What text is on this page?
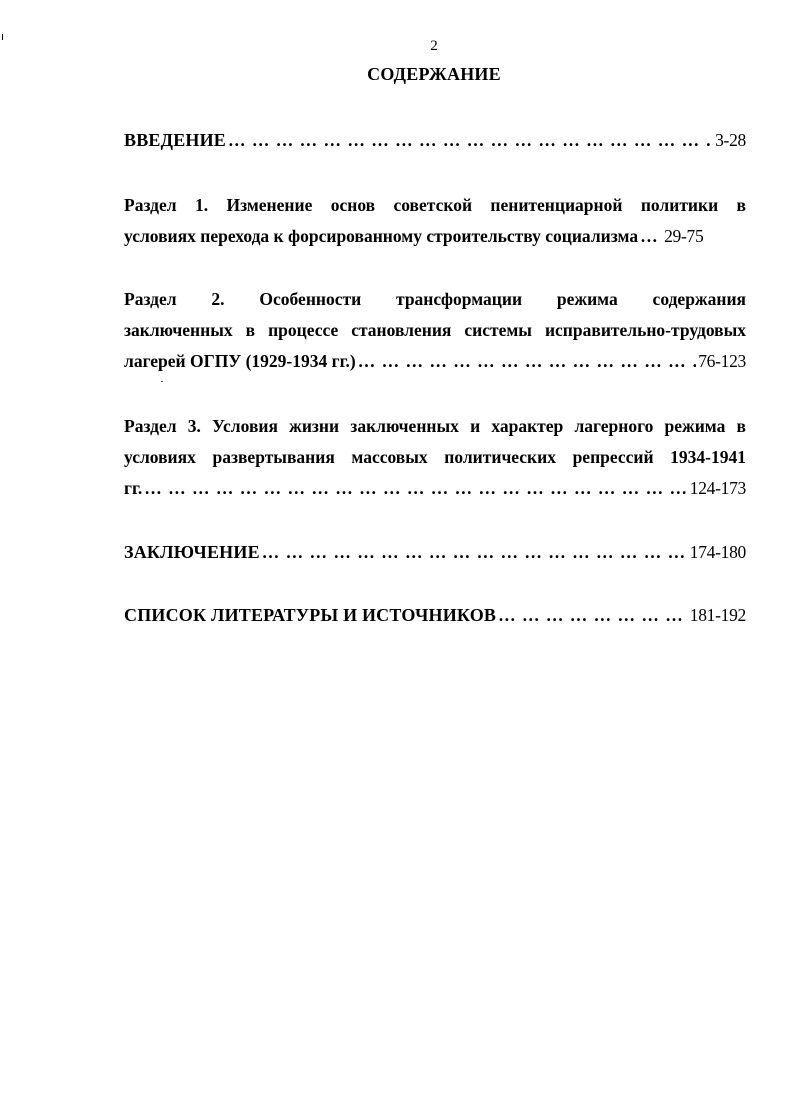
2
СОДЕРЖАНИЕ
ВВЕДЕНИЕ … … … … … … … … … … … … … … … … … … … … … … … … … … … … … … … … … … … … … … … … … … … … … … … … … … … … … … … … … … … … …	3-28
Раздел 1. Изменение основ советской пенитенциарной политики в
условиях перехода к форсированному строительству социализма … … … … … … … … … … … … … … … … … … … … … … … … … … … … … … … … … … … … … … … … … … … … … … … … … … … … … … … … … … … … … 29-75
Раздел 2. Особенности трансформации режима содержания
заключенных в процессе становления системы исправительно-трудовых
лагерей ОГПУ (1929-1934 гг.) … … … … … … … … … … … … … … … … … … … … … … … … … … … … … … … … … … … … … … … … … … … … … … … … … … … … … … … … … … … … …	76-123
Раздел 3. Условия жизни заключенных и характер лагерного режима в
условиях развертывания массовых политических репрессий 1934-1941
гг. … … … … … … … … … … … … … … … … … … … … … … … … … … … … … … … … … … … … … … … … … … … … … … … … … … … … … … … … … … … … …	124-173
ЗАКЛЮЧЕНИЕ … … … … … … … … … … … … … … … … … … … … … … … … … … … … … … … … … … … … … … … … … … … … … … … … … … … … … … … … … … … … …	174-180
СПИСОК ЛИТЕРАТУРЫ И ИСТОЧНИКОВ … … … … … … … … … … … … … … … … … … … … … … … … … … … … … … … … … … … … … … … … … … … … … … … … … … … … … … … … … … … … …	181-192
